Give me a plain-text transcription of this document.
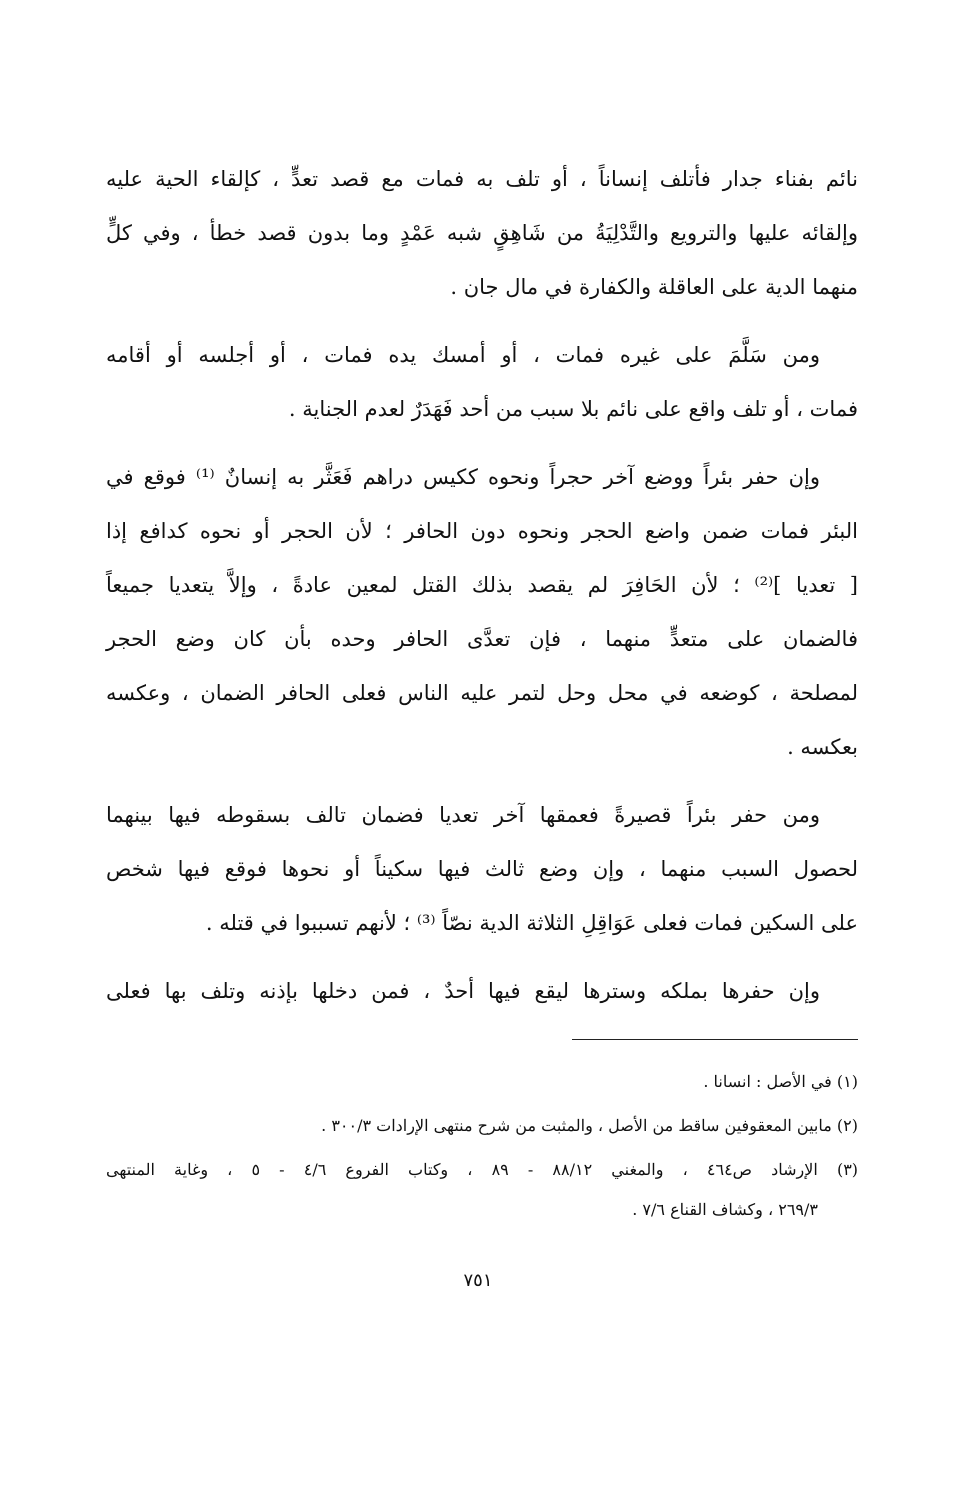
نائم بفناء جدار فأتلف إنساناً ، أو تلف به فمات مع قصد تعدٍّ ، كإلقاء الحية عليه
وإلقائه عليها والترويع والتَّدْلِيَةُ من شَاهِقٍ شبه عَمْدٍ وما بدون قصد خطأ ، وفي كلٍّ
منهما الدية على العاقلة والكفارة في مال جان .

ومن سَلَّمَ على غيره فمات ، أو أمسك يده فمات ، أو أجلسه أو أقامه
فمات ، أو تلف واقع على نائم بلا سبب من أحد فَهَدَرٌ لعدم الجناية .

وإن حفر بئراً ووضع آخر حجراً ونحوه ككيس دراهم فَعَثَّر به إنسانٌ ⁽¹⁾ فوقع في
البئر فمات ضمن واضع الحجر ونحوه دون الحافر ؛ لأن الحجر أو نحوه كدافع إذا
[ تعديا ]⁽²⁾ ؛ لأن الحَافِرَ لم يقصد بذلك القتل لمعين عادةً ، وإلاَّ يتعديا جميعاً
فالضمان على متعدٍّ منهما ، فإن تعدَّى الحافر وحده بأن كان وضع الحجر
لمصلحة ، كوضعه في محل وحل لتمر عليه الناس فعلى الحافر الضمان ، وعكسه
بعكسه .

ومن حفر بئراً قصيرةً فعمقها آخر تعديا فضمان تالف بسقوطه فيها بينهما
لحصول السبب منهما ، وإن وضع ثالث فيها سكيناً أو نحوها فوقع فيها شخص
على السكين فمات فعلى عَوَاقِلِ الثلاثة الدية نصّاً ⁽³⁾ ؛ لأنهم تسببوا في قتله .

وإن حفرها بملكه وسترها ليقع فيها أحدٌ ، فمن دخلها بإذنه وتلف بها فعلى

(١) في الأصل : انسانا .

(٢) مابين المعقوفين ساقط من الأصل ، والمثبت من شرح منتهى الإرادات ٣٠٠/٣ .

(٣) الإرشاد ص٤٦٤ ، والمغني ٨٨/١٢ - ٨٩ ، وكتاب الفروع ٤/٦ - ٥ ، وغاية المنتهى
٢٦٩/٣ ، وكشاف القناع ٧/٦ .

٧٥١
